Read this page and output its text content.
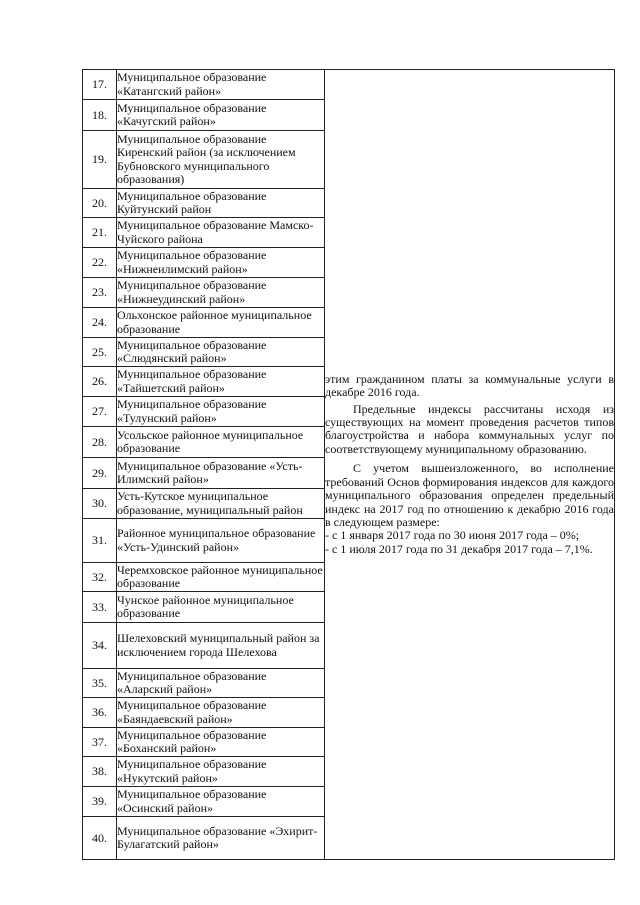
17.	Муниципальное образование «Катангский район»	этим гражданином платы за коммунальные услуги в декабре 2016 года.

Предельные индексы рассчитаны исходя из существующих на момент проведения расчетов типов благоустройства и набора коммунальных услуг по соответствующему муниципальному образованию.

С учетом вышеизложенного, во исполнение требований Основ формирования индексов для каждого муниципального образования определен предельный индекс на 2017 год по отношению к декабрю 2016 года в следующем размере:

- с 1 января 2017 года по 30 июня 2017 года – 0%;

- с 1 июля 2017 года по 31 декабря 2017 года – 7,1%.

18.	Муниципальное образование «Качугский район»	
19.	Муниципальное образование Киренский район (за исключением Бубновского муниципального образования)	
20.	Муниципальное образование Куйтунский район	
21.	Муниципальное образование Мамско-Чуйского района	
22.	Муниципальное образование «Нижнеилимский район»	
23.	Муниципальное образование «Нижнеудинский район»	
24.	Ольхонское районное муниципальное образование	
25.	Муниципальное образование «Слюдянский район»	
26.	Муниципальное образование «Тайшетский район»	
27.	Муниципальное образование «Тулунский район»	
28.	Усольское районное муниципальное образование	
29.	Муниципальное образование «Усть-Илимский район»	
30.	Усть-Кутское муниципальное образование, муниципальный район	
31.	Районное муниципальное образование «Усть-Удинский район»	
32.	Черемховское районное муниципальное образование	
33.	Чунское районное муниципальное образование	
34.	Шелеховский муниципальный район за исключением города Шелехова	
35.	Муниципальное образование «Аларский район»	
36.	Муниципальное образование «Баяндаевский район»	
37.	Муниципальное образование «Боханский район»	
38.	Муниципальное образование «Нукутский район»	
39.	Муниципальное образование «Осинский район»	
40.	Муниципальное образование «Эхирит-Булагатский район»	
